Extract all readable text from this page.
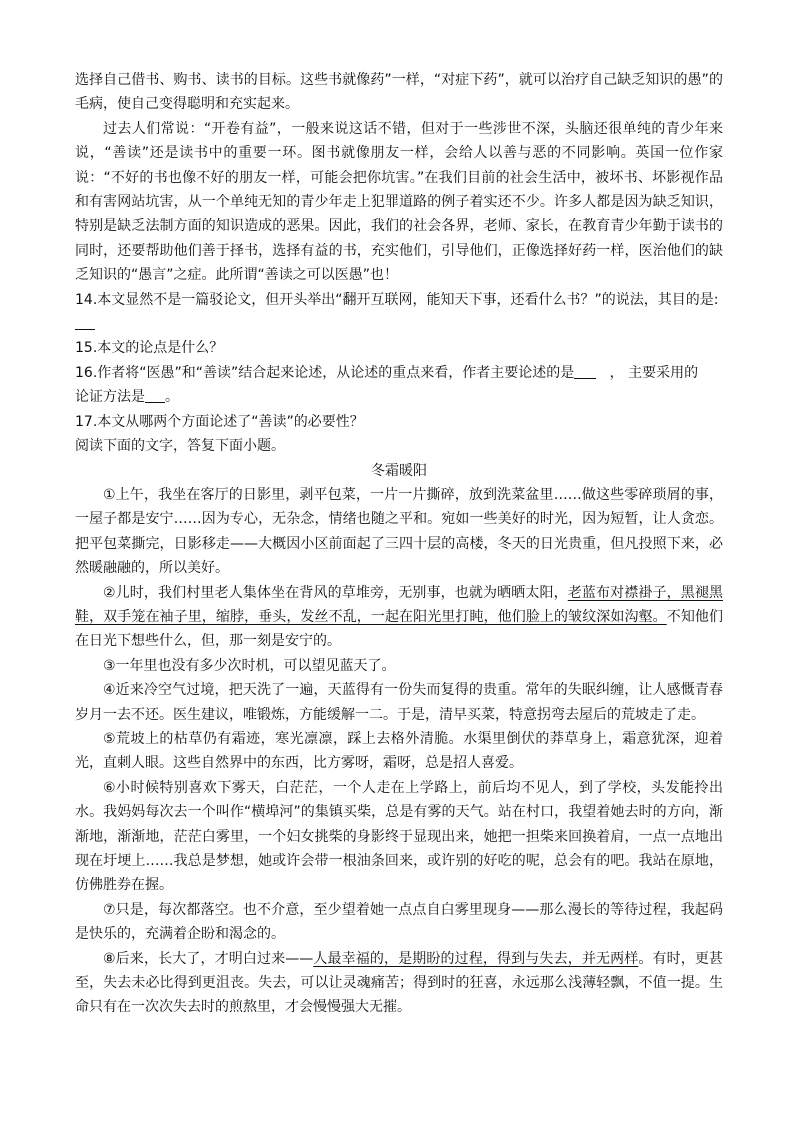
选择自己借书、购书、读书的目标。这些书就像药”一样，“对症下药”，就可以治疗自己缺乏知识的愚”的毛病，使自己变得聪明和充实起来。

过去人们常说：“开卷有益”，一般来说这话不错，但对于一些涉世不深，头脑还很单纯的青少年来说，“善读”还是读书中的重要一环。图书就像朋友一样，会给人以善与恶的不同影响。英国一位作家说：“不好的书也像不好的朋友一样，可能会把你坑害。”在我们目前的社会生活中，被坏书、坏影视作品和有害网站坑害，从一个单纯无知的青少年走上犯罪道路的例子着实还不少。许多人都是因为缺乏知识，特别是缺乏法制方面的知识造成的恶果。因此，我们的社会各界，老师、家长，在教育青少年勤于读书的同时，还要帮助他们善于择书，选择有益的书，充实他们，引导他们，正像选择好药一样，医治他们的缺乏知识的“愚言”之症。此所谓“善读之可以医愚”也！

14.本文显然不是一篇驳论文，但开头举出“翻开互联网，能知天下事，还看什么书？”的说法，其目的是:

15.本文的论点是什么？

16.作者将“医愚”和“善读”结合起来论述，从论述的重点来看，作者主要论述的是	， 主要采用的
论证方法是 。

17.本文从哪两个方面论述了“善读”的必要性？

阅读下面的文字，答复下面小题。

冬霜暖阳

①上午，我坐在客厅的日影里，剥平包菜，一片一片撕碎，放到洗菜盆里……做这些零碎琐屑的事，一屋子都是安宁……因为专心，无杂念，情绪也随之平和。宛如一些美好的时光，因为短暂，让人贪恋。把平包菜撕完，日影移走——大概因小区前面起了三四十层的高楼，冬天的日光贵重，但凡投照下来，必然暖融融的，所以美好。

②儿时，我们村里老人集体坐在背风的草堆旁，无别事，也就为晒晒太阳，老蓝布对襟褂子，黑褪黑鞋，双手笼在袖子里，缩脖，垂头，发丝不乱，一起在阳光里打盹，他们脸上的皱纹深如沟壑。不知他们在日光下想些什么，但，那一刻是安宁的。

③一年里也没有多少次时机，可以望见蓝天了。

④近来冷空气过境，把天洗了一遍，天蓝得有一份失而复得的贵重。常年的失眠纠缠，让人感慨青春岁月一去不还。医生建议，唯锻炼，方能缓解一二。于是，清早买菜，特意拐弯去屋后的荒坡走了走。

⑤荒坡上的枯草仍有霜迹，寒光凛凛，踩上去格外清脆。水渠里倒伏的莽草身上，霜意犹深，迎着光，直刺人眼。这些自然界中的东西，比方雾呀，霜呀，总是招人喜爱。

⑥小时候特别喜欢下雾天，白茫茫，一个人走在上学路上，前后均不见人，到了学校，头发能拎出水。我妈妈每次去一个叫作“横埠河”的集镇买柴，总是有雾的天气。站在村口，我望着她去时的方向，渐渐地，渐渐地，茫茫白雾里，一个妇女挑柴的身影终于显现出来，她把一担柴来回换着肩，一点一点地出现在圩埂上……我总是梦想，她或许会带一根油条回来，或许别的好吃的呢，总会有的吧。我站在原地，仿佛胜券在握。

⑦只是，每次都落空。也不介意，至少望着她一点点自白雾里现身——那么漫长的等待过程，我起码是快乐的，充满着企盼和渴念的。

⑧后来，长大了，才明白过来——人最幸福的，是期盼的过程，得到与失去，并无两样。有时，更甚至，失去未必比得到更沮丧。失去，可以让灵魂痛苦；得到时的狂喜，永远那么浅薄轻飘，不值一提。生命只有在一次次失去时的煎熬里，才会慢慢强大无摧。
